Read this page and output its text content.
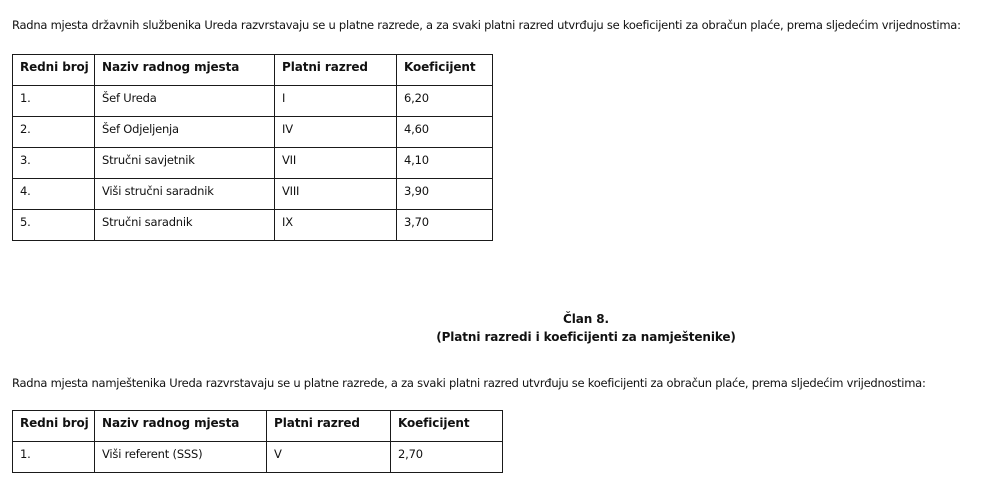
Radna mjesta državnih službenika Ureda razvrstavaju se u platne razrede, a za svaki platni razred utvrđuju se koeficijenti za obračun plaće, prema sljedećim vrijednostima:
Redni broj	Naziv radnog mjesta	Platni razred	Koeficijent
1.	Šef Ureda	I	6,20
2.	Šef Odjeljenja	IV	4,60
3.	Stručni savjetnik	VII	4,10
4.	Viši stručni saradnik	VIII	3,90
5.	Stručni saradnik	IX	3,70
Član 8.
(Platni razredi i koeficijenti za namještenike)
Radna mjesta namještenika Ureda razvrstavaju se u platne razrede, a za svaki platni razred utvrđuju se koeficijenti za obračun plaće, prema sljedećim vrijednostima:
Redni broj	Naziv radnog mjesta	Platni razred	Koeficijent
1.	Viši referent (SSS)	V	2,70
